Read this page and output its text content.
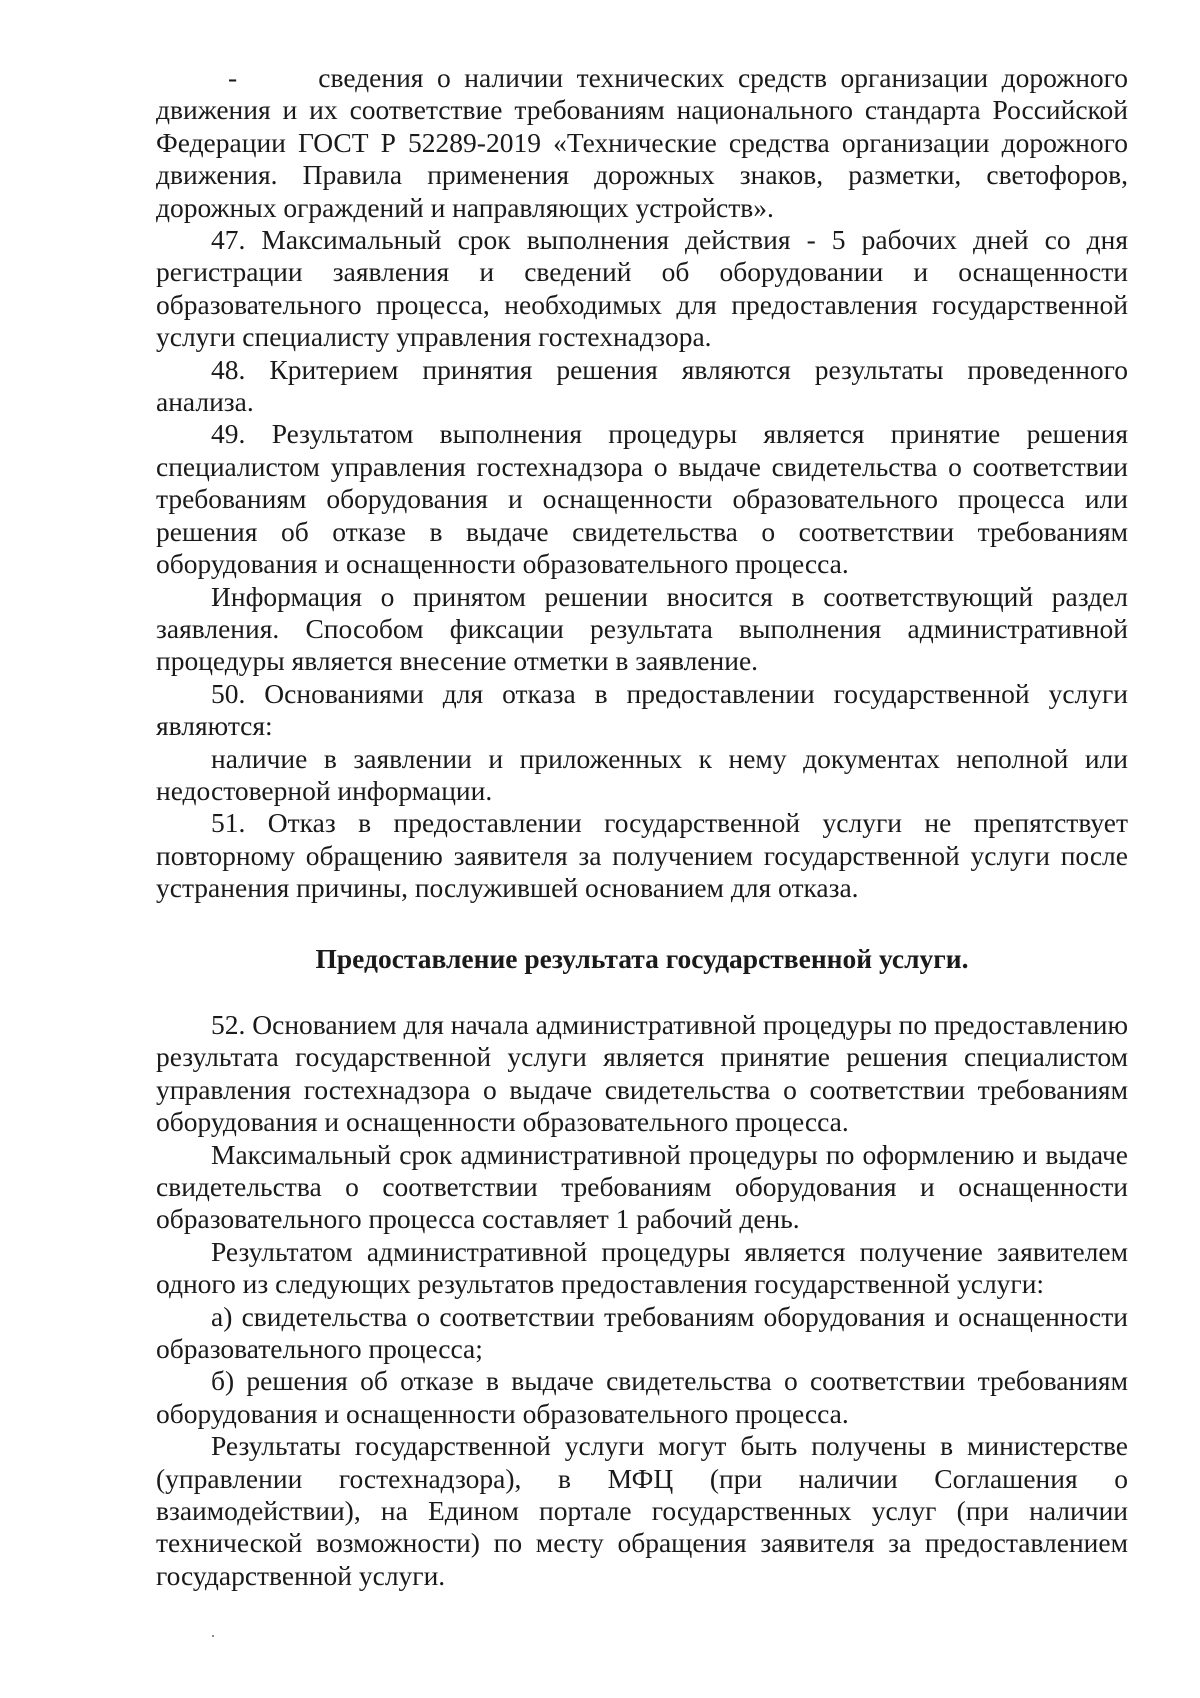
-      сведения о наличии технических средств организации дорожного движения и их соответствие требованиям национального стандарта Российской Федерации ГОСТ Р 52289-2019 «Технические средства организации дорожного движения. Правила применения дорожных знаков, разметки, светофоров, дорожных ограждений и направляющих устройств».

47. Максимальный срок выполнения действия - 5 рабочих дней со дня регистрации заявления и сведений об оборудовании и оснащенности образовательного процесса, необходимых для предоставления государственной услуги специалисту управления гостехнадзора.

48. Критерием принятия решения являются результаты проведенного анализа.

49. Результатом выполнения процедуры является принятие решения специалистом управления гостехнадзора о выдаче свидетельства о соответствии требованиям оборудования и оснащенности образовательного процесса или решения об отказе в выдаче свидетельства о соответствии требованиям оборудования и оснащенности образовательного процесса.

Информация о принятом решении вносится в соответствующий раздел заявления. Способом фиксации результата выполнения административной процедуры является внесение отметки в заявление.

50. Основаниями для отказа в предоставлении государственной услуги являются:

наличие в заявлении и приложенных к нему документах неполной или недостоверной информации.

51. Отказ в предоставлении государственной услуги не препятствует повторному обращению заявителя за получением государственной услуги после устранения причины, послужившей основанием для отказа.

Предоставление результата государственной услуги.

52. Основанием для начала административной процедуры по предоставлению результата государственной услуги является принятие решения специалистом управления гостехнадзора о выдаче свидетельства о соответствии требованиям оборудования и оснащенности образовательного процесса.

Максимальный срок административной процедуры по оформлению и выдаче свидетельства о соответствии требованиям оборудования и оснащенности образовательного процесса составляет 1 рабочий день.

Результатом административной процедуры является получение заявителем одного из следующих результатов предоставления государственной услуги:

а) свидетельства о соответствии требованиям оборудования и оснащенности образовательного процесса;

б) решения об отказе в выдаче свидетельства о соответствии требованиям оборудования и оснащенности образовательного процесса.

Результаты государственной услуги могут быть получены в министерстве (управлении гостехнадзора), в МФЦ (при наличии Соглашения о взаимодействии), на Едином портале государственных услуг (при наличии технической возможности) по месту обращения заявителя за предоставлением государственной услуги.
